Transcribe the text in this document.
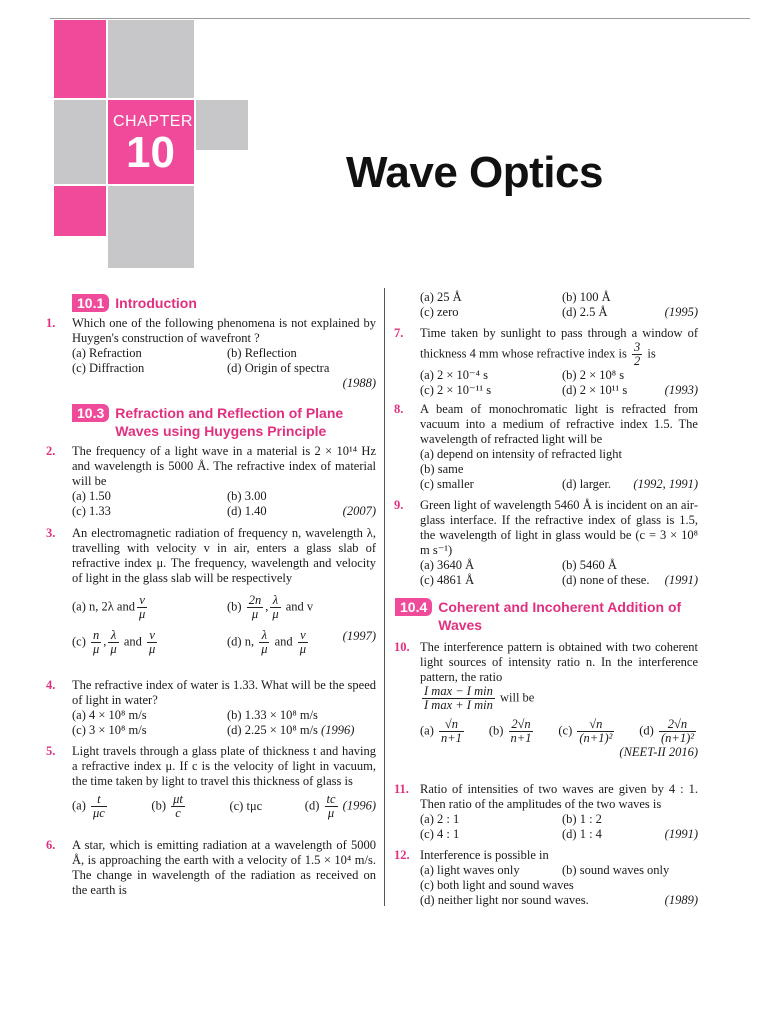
CHAPTER
10	Wave Optics
10.1 Introduction
1. Which one of the following phenomena is not explained by Huygen's construction of wavefront ?
(a) Refraction	(b) Reflection
(c) Diffraction	(d) Origin of spectra
(1988)
10.3 Refraction and Reflection of Plane Waves using Huygens Principle
2. The frequency of a light wave in a material is 2 × 10¹⁴ Hz and wavelength is 5000 Å. The refractive index of material will be
(a) 1.50	(b) 3.00
(c) 1.33	(d) 1.40	(2007)
3. An electromagnetic radiation of frequency n, wavelength λ, travelling with velocity v in air, enters a glass slab of refractive index μ. The frequency, wavelength and velocity of light in the glass slab will be respectively
(a) n, 2λ and $\frac{v}{\mu}$	$(b) \frac{2n}{\mu}$ , $\frac{\lambda}{\mu}$ and v
$(c) \frac{n}{\mu}$ , $\frac{\lambda}{\mu}$ and $\frac{v}{\mu}$	(d) n, $\frac{\lambda}{\mu}$ and $\frac{v}{\mu}$	(1997)
4. The refractive index of water is 1.33. What will be the speed of light in water?
(a) 4 × 10⁸ m/s	(b) 1.33 × 10⁸ m/s
(c) 3 × 10⁸ m/s	(d) 2.25 × 10⁸ m/s (1996)
5. Light travels through a glass plate of thickness t and having a refractive index μ. If c is the velocity of light in vacuum, the time taken by light to travel this thickness of glass is
$(a) \frac{t}{\mu c}$	$(b) \frac{\mu t}{c}$	(c) tμc	$(d) \frac{tc}{\mu} (1996)$
6. A star, which is emitting radiation at a wavelength of 5000 Å, is approaching the earth with a velocity of 1.5 × 10⁴ m/s. The change in wavelength of the radiation as received on the earth is
(a) 25 Å	(b) 100 Å
(c) zero	(d) 2.5 Å	(1995)
7. Time taken by sunlight to pass through a window of thickness 4 mm whose refractive index is $\frac{3}{2}$ is
(a) 2 × 10⁻⁴ s	(b) 2 × 10⁸ s
(c) 2 × 10⁻¹¹ s	(d) 2 × 10¹¹ s	(1993)
8. A beam of monochromatic light is refracted from vacuum into a medium of refractive index 1.5. The wavelength of refracted light will be
(a) depend on intensity of refracted light
(b) same
(c) smaller	(d) larger. (1992, 1991)
9. Green light of wavelength 5460 Å is incident on an air-glass interface. If the refractive index of glass is 1.5, the wavelength of light in glass would be (c = 3 × 10⁸ m s⁻¹)
(a) 3640 Å	(b) 5460 Å
(c) 4861 Å	(d) none of these. (1991)
10.4 Coherent and Incoherent Addition of Waves
10. The interference pattern is obtained with two coherent light sources of intensity ratio n. In the interference pattern, the ratio
$\frac{\text{I max − I min}}{\text{I max + I min}}$ will be
$(a) \frac{√n}{n+1} (b) \frac{2√n}{n+1} (c) \frac{√n}{\text{(n+1)²}} (d) \frac{2√n}{\text{(n+1)²}}$
(NEET-II 2016)
11. Ratio of intensities of two waves are given by 4 : 1. Then ratio of the amplitudes of the two waves is
(a) 2 : 1	(b) 1 : 2
(c) 4 : 1	(d) 1 : 4	(1991)
12. Interference is possible in
(a) light waves only	(b) sound waves only
(c) both light and sound waves
(d) neither light nor sound waves.	(1989)
